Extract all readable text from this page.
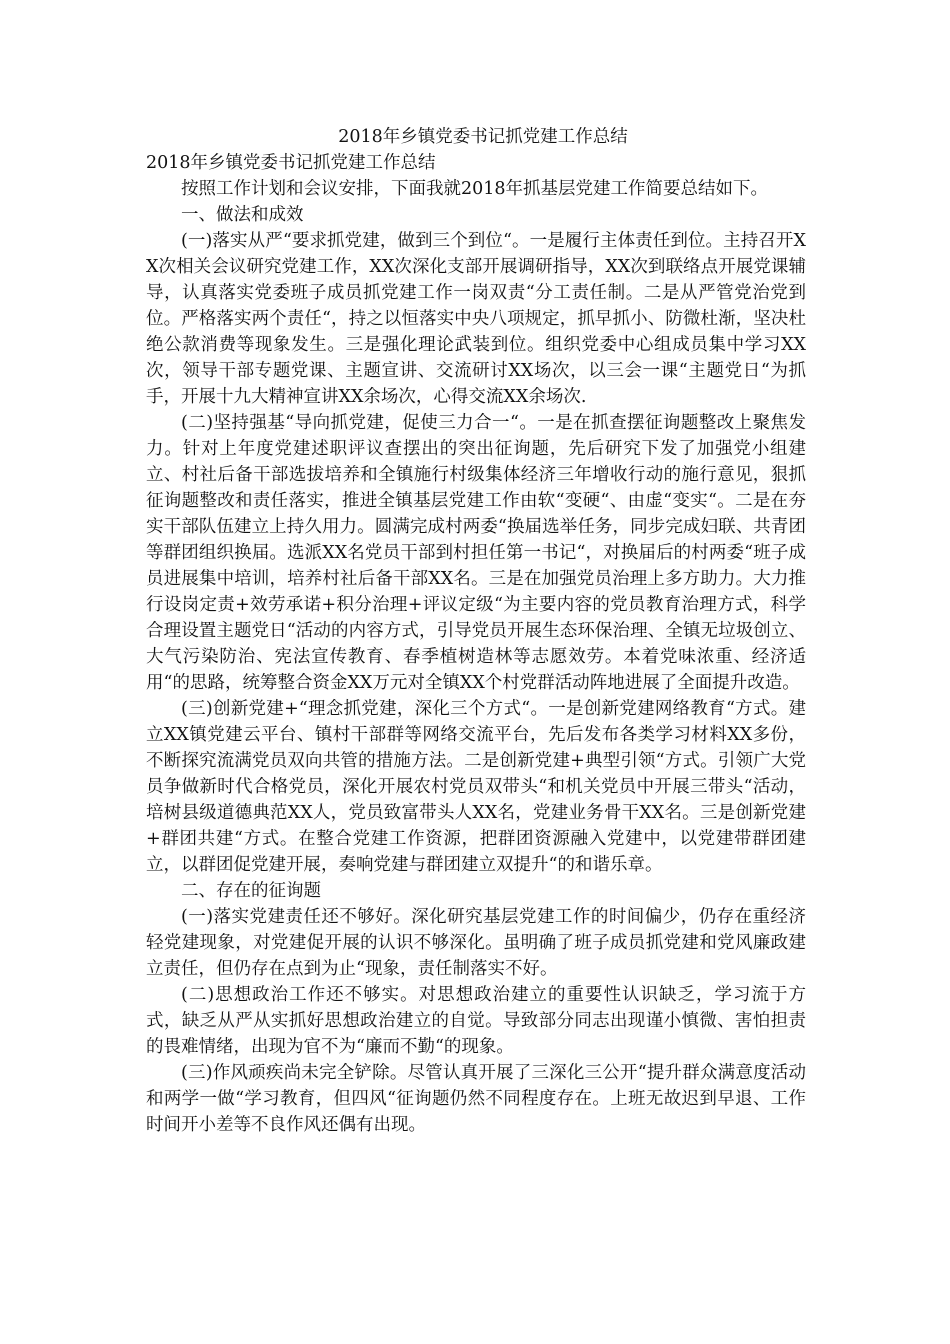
2018年乡镇党委书记抓党建工作总结

2018年乡镇党委书记抓党建工作总结

按照工作计划和会议安排，下面我就2018年抓基层党建工作简要总结如下。

一、做法和成效

(一)落实从严“要求抓党建，做到三个到位“。一是履行主体责任到位。主持召开XX次相关会议研究党建工作，XX次深化支部开展调研指导，XX次到联络点开展党课辅导，认真落实党委班子成员抓党建工作一岗双责“分工责任制。二是从严管党治党到位。严格落实两个责任“，持之以恒落实中央八项规定，抓早抓小、防微杜渐，坚决杜绝公款消费等现象发生。三是强化理论武装到位。组织党委中心组成员集中学习XX次，领导干部专题党课、主题宣讲、交流研讨XX场次，以三会一课“主题党日“为抓手，开展十九大精神宣讲XX余场次，心得交流XX余场次.

(二)坚持强基“导向抓党建，促使三力合一“。一是在抓查摆征询题整改上聚焦发力。针对上年度党建述职评议查摆出的突出征询题，先后研究下发了加强党小组建立、村社后备干部选拔培养和全镇施行村级集体经济三年增收行动的施行意见，狠抓征询题整改和责任落实，推进全镇基层党建工作由软“变硬“、由虚“变实“。二是在夯实干部队伍建立上持久用力。圆满完成村两委“换届选举任务，同步完成妇联、共青团等群团组织换届。选派XX名党员干部到村担任第一书记“，对换届后的村两委“班子成员进展集中培训，培养村社后备干部XX名。三是在加强党员治理上多方助力。大力推行设岗定责+效劳承诺+积分治理+评议定级“为主要内容的党员教育治理方式，科学合理设置主题党日“活动的内容方式，引导党员开展生态环保治理、全镇无垃圾创立、大气污染防治、宪法宣传教育、春季植树造林等志愿效劳。本着党味浓重、经济适用“的思路，统筹整合资金XX万元对全镇XX个村党群活动阵地进展了全面提升改造。

(三)创新党建+“理念抓党建，深化三个方式“。一是创新党建网络教育“方式。建立XX镇党建云平台、镇村干部群等网络交流平台，先后发布各类学习材料XX多份，不断探究流满党员双向共管的措施方法。二是创新党建+典型引领“方式。引领广大党员争做新时代合格党员，深化开展农村党员双带头“和机关党员中开展三带头“活动，培树县级道德典范XX人，党员致富带头人XX名，党建业务骨干XX名。三是创新党建+群团共建“方式。在整合党建工作资源，把群团资源融入党建中，以党建带群团建立，以群团促党建开展，奏响党建与群团建立双提升“的和谐乐章。

二、存在的征询题

(一)落实党建责任还不够好。深化研究基层党建工作的时间偏少，仍存在重经济轻党建现象，对党建促开展的认识不够深化。虽明确了班子成员抓党建和党风廉政建立责任，但仍存在点到为止“现象，责任制落实不好。

(二)思想政治工作还不够实。对思想政治建立的重要性认识缺乏，学习流于方式，缺乏从严从实抓好思想政治建立的自觉。导致部分同志出现谨小慎微、害怕担责的畏难情绪，出现为官不为“廉而不勤“的现象。

(三)作风顽疾尚未完全铲除。尽管认真开展了三深化三公开“提升群众满意度活动和两学一做“学习教育，但四风“征询题仍然不同程度存在。上班无故迟到早退、工作时间开小差等不良作风还偶有出现。
